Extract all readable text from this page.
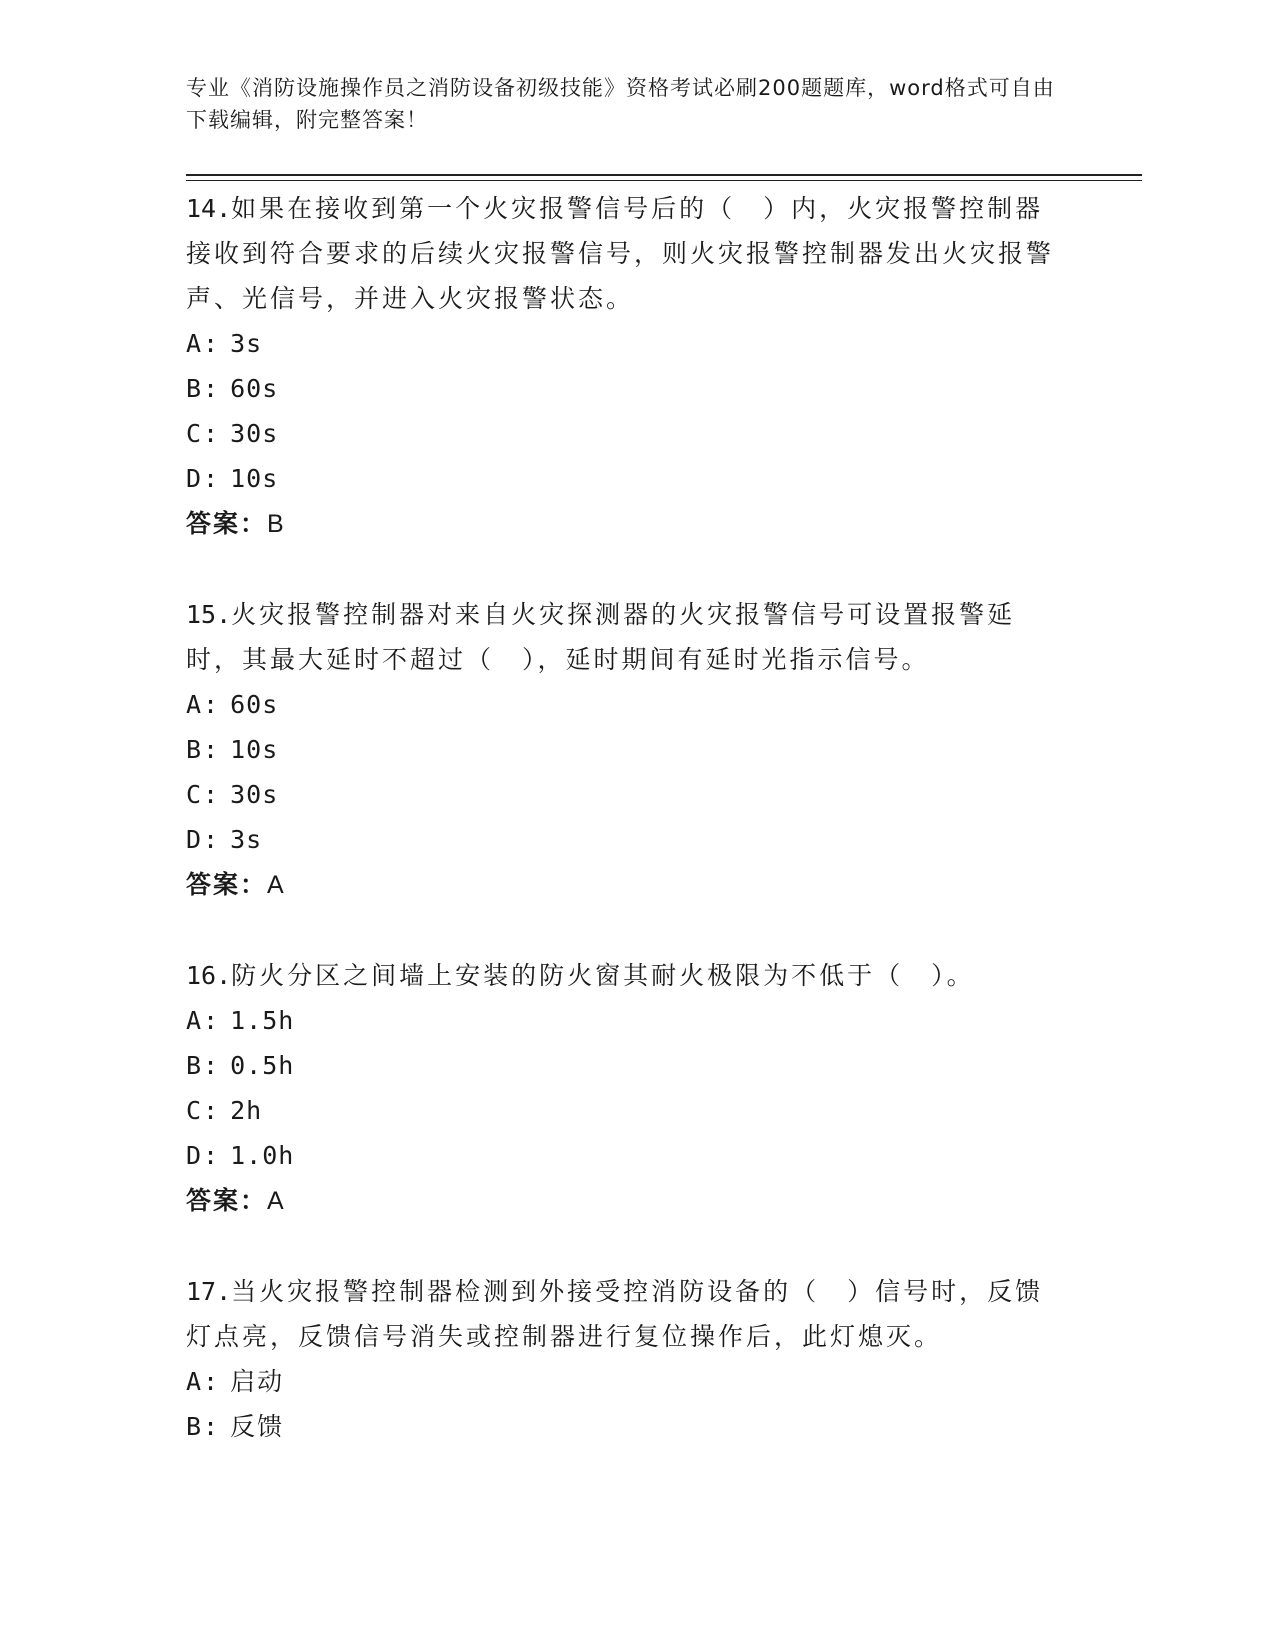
专业《消防设施操作员之消防设备初级技能》资格考试必刷200题题库，word格式可自由下载编辑，附完整答案！
14.如果在接收到第一个火灾报警信号后的（　）内，火灾报警控制器接收到符合要求的后续火灾报警信号，则火灾报警控制器发出火灾报警声、光信号，并进入火灾报警状态。
A: 3s
B: 60s
C: 30s
D: 10s
答案：B
15.火灾报警控制器对来自火灾探测器的火灾报警信号可设置报警延时，其最大延时不超过（　），延时期间有延时光指示信号。
A: 60s
B: 10s
C: 30s
D: 3s
答案：A
16.防火分区之间墙上安装的防火窗其耐火极限为不低于（　）。
A: 1.5h
B: 0.5h
C: 2h
D: 1.0h
答案：A
17.当火灾报警控制器检测到外接受控消防设备的（　）信号时，反馈灯点亮，反馈信号消失或控制器进行复位操作后，此灯熄灭。
A: 启动
B: 反馈
